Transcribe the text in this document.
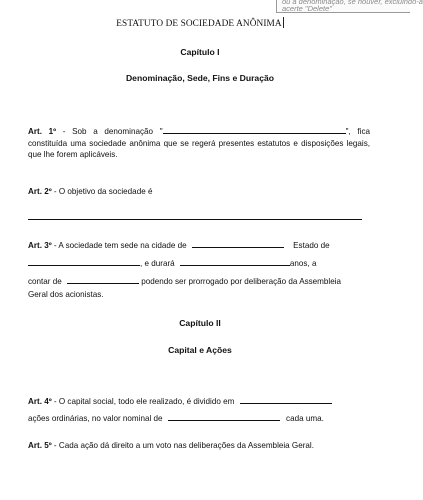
ou a denominação, se houver, excluindo-a
acerte "Delete"
ESTATUTO DE SOCIEDADE ANÔNIMA
Capítulo I
Denominação, Sede, Fins e Duração
Art. 1º - Sob a denominação "	", fica constituída uma sociedade anônima que se regerá presentes estatutos e disposições legais, que lhe forem aplicáveis.
Art. 2º - O objetivo da sociedade é
Art. 3º - A sociedade tem sede na cidade de	Estado de
, e durará	anos, a
contar de	podendo ser prorrogado por deliberação da Assembleia
Geral dos acionistas.
Capítulo II
Capital e Ações
Art. 4º - O capital social, todo ele realizado, é dividido em
ações ordinárias, no valor nominal de	cada uma.
Art. 5º - Cada ação dá direito a um voto nas deliberações da Assembleia Geral.
